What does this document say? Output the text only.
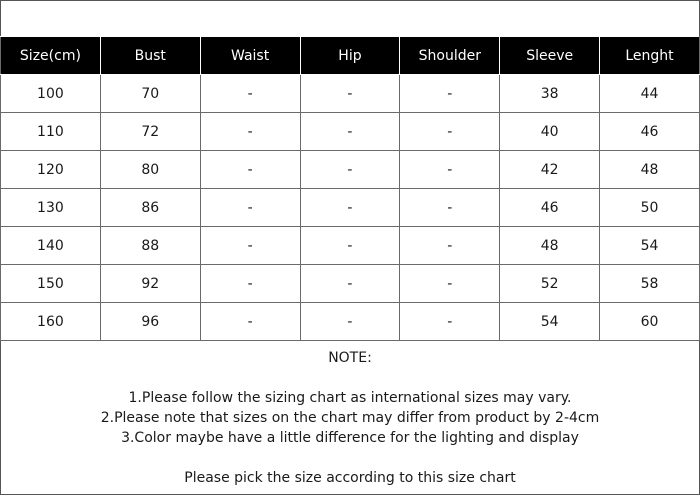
Size(cm)	Bust	Waist	Hip	Shoulder	Sleeve	Lenght
100	70	-	-	-	38	44
110	72	-	-	-	40	46
120	80	-	-	-	42	48
130	86	-	-	-	46	50
140	88	-	-	-	48	54
150	92	-	-	-	52	58
160	96	-	-	-	54	60
NOTE:
1.Please follow the sizing chart as international sizes may vary.
2.Please note that sizes on the chart may differ from product by 2-4cm
3.Color maybe have a little difference for the lighting and display
Please pick the size according to this size chart
